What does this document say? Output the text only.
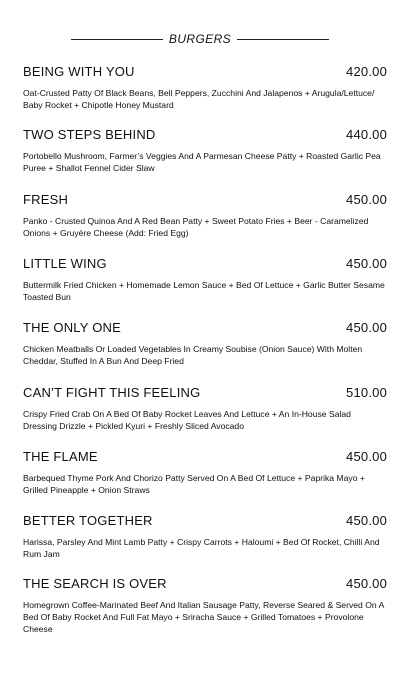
BURGERS
BEING WITH YOU	420.00
Oat-Crusted Patty Of Black Beans, Bell Peppers, Zucchini And Jalapenos + Arugula/Lettuce/ Baby Rocket + Chipotle Honey Mustard
TWO STEPS BEHIND	440.00
Portobello Mushroom, Farmer’s Veggies And A Parmesan Cheese Patty + Roasted Garlic Pea Puree + Shallot Fennel Cider Slaw
FRESH	450.00
Panko - Crusted Quinoa And A Red Bean Patty + Sweet Potato Fries + Beer - Caramelized Onions + Gruyère Cheese (Add: Fried Egg)
LITTLE WING	450.00
Buttermilk Fried Chicken + Homemade Lemon Sauce + Bed Of Lettuce + Garlic Butter Sesame Toasted Bun
THE ONLY ONE	450.00
Chicken Meatballs Or Loaded Vegetables In Creamy Soubise (Onion Sauce) With Molten Cheddar, Stuffed In A Bun And Deep Fried
CAN’T FIGHT THIS FEELING	510.00
Crispy Fried Crab On A Bed Of Baby Rocket Leaves And Lettuce + An In-House Salad Dressing Drizzle + Pickled Kyuri + Freshly Sliced Avocado
THE FLAME	450.00
Barbequed Thyme Pork And Chorizo Patty Served On A Bed Of Lettuce + Paprika Mayo + Grilled Pineapple + Onion Straws
BETTER TOGETHER	450.00
Harissa, Parsley And Mint Lamb Patty + Crispy Carrots + Haloumi + Bed Of Rocket, Chilli And Rum Jam
THE SEARCH IS OVER	450.00
Homegrown Coffee-Marinated Beef And Italian Sausage Patty, Reverse Seared & Served On A Bed Of Baby Rocket And Full Fat Mayo + Sriracha Sauce + Grilled Tomatoes + Provolone Cheese
